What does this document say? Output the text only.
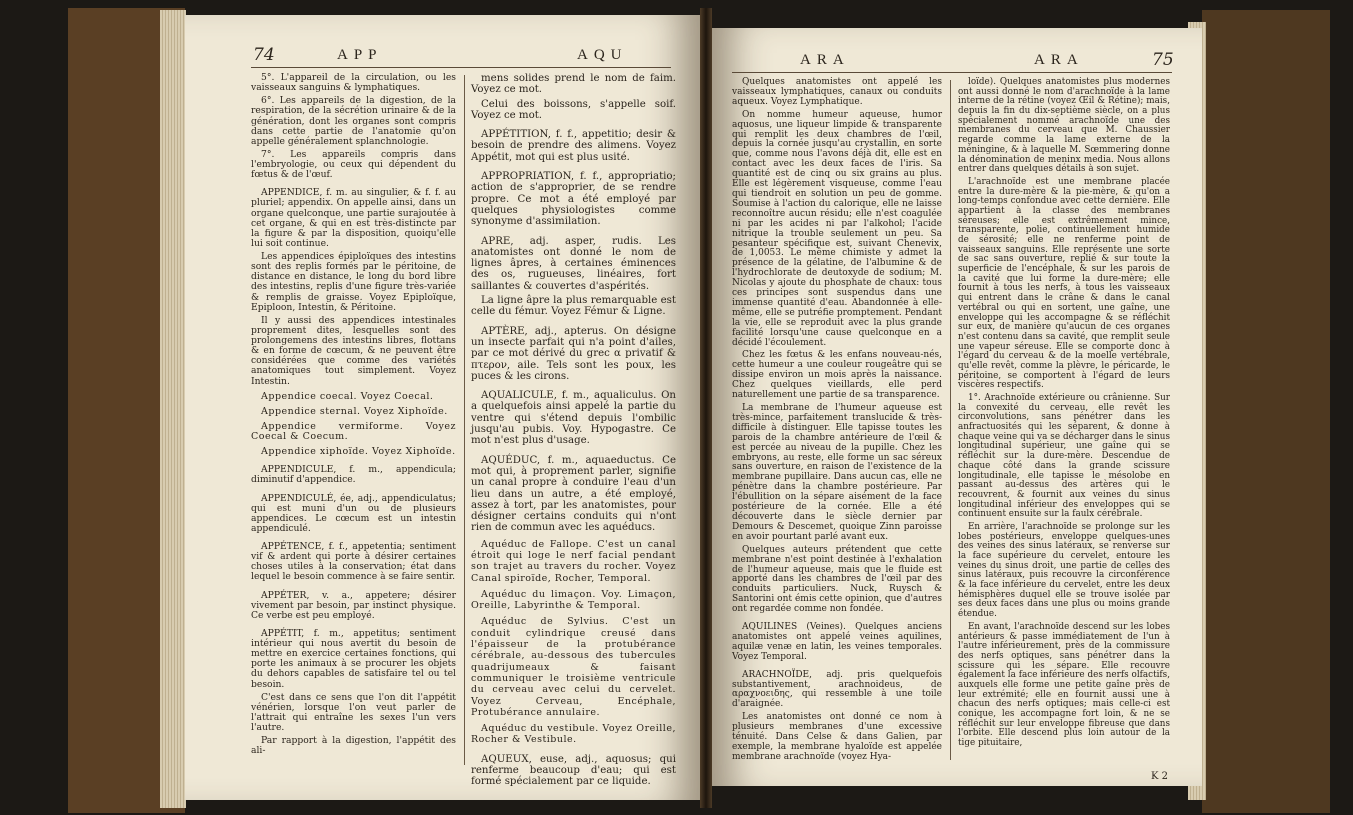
74	APP	AQU

5°. L'appareil de la circulation, ou les vaisseaux sanguins & lymphatiques.

6°. Les appareils de la digestion, de la respiration, de la sécrétion urinaire & de la génération, dont les organes sont compris dans cette partie de l'anatomie qu'on appelle généralement splanchnologie.

7°. Les appareils compris dans l'embryologie, ou ceux qui dépendent du fœtus & de l'œuf.

APPENDICE, f. m. au singulier, & f. f. au pluriel; appendix. On appelle ainsi, dans un organe quelconque, une partie surajoutée à cet organe, & qui en est très-distincte par la figure & par la disposition, quoiqu'elle lui soit continue.

Les appendices épiploïques des intestins sont des replis formés par le péritoine, de distance en distance, le long du bord libre des intestins, replis d'une figure très-variée & remplis de graisse. Voyez Epiploïque, Epiploon, Intestin, & Péritoine.

Il y aussi des appendices intestinales proprement dites, lesquelles sont des prolongemens des intestins libres, flottans & en forme de cœcum, & ne peuvent être considérées que comme des variétés anatomiques tout simplement. Voyez Intestin.

Appendice coecal. Voyez Coecal.

Appendice sternal. Voyez Xiphoïde.

Appendice vermiforme. Voyez Coecal & Coecum.

Appendice xiphoïde. Voyez Xiphoïde.

APPENDICULE, f. m., appendicula; diminutif d'appendice.

APPENDICULÉ, ée, adj., appendiculatus; qui est muni d'un ou de plusieurs appendices. Le cœcum est un intestin appendiculé.

APPÉTENCE, f. f., appetentia; sentiment vif & ardent qui porte à désirer certaines choses utiles à la conservation; état dans lequel le besoin commence à se faire sentir.

APPÉTER, v. a., appetere; désirer vivement par besoin, par instinct physique. Ce verbe est peu employé.

APPÉTIT, f. m., appetitus; sentiment intérieur qui nous avertit du besoin de mettre en exercice certaines fonctions, qui porte les animaux à se procurer les objets du dehors capables de satisfaire tel ou tel besoin.

C'est dans ce sens que l'on dit l'appétit vénérien, lorsque l'on veut parler de l'attrait qui entraîne les sexes l'un vers l'autre.

Par rapport à la digestion, l'appétit des ali-

mens solides prend le nom de faim. Voyez ce mot.

Celui des boissons, s'appelle soif. Voyez ce mot.

APPÉTITION, f. f., appetitio; desir & besoin de prendre des alimens. Voyez Appétit, mot qui est plus usité.

APPROPRIATION, f. f., appropriatio; action de s'approprier, de se rendre propre. Ce mot a été employé par quelques physiologistes comme synonyme d'assimilation.

APRE, adj. asper, rudis. Les anatomistes ont donné le nom de lignes âpres, à certaines éminences des os, rugueuses, linéaires, fort saillantes & couvertes d'aspérités.

La ligne âpre la plus remarquable est celle du fémur. Voyez Fémur & Ligne.

APTÈRE, adj., apterus. On désigne un insecte parfait qui n'a point d'ailes, par ce mot dérivé du grec α privatif & πτερον, aile. Tels sont les poux, les puces & les cirons.

AQUALICULE, f. m., aqualiculus. On a quelquefois ainsi appelé la partie du ventre qui s'étend depuis l'ombilic jusqu'au pubis. Voy. Hypogastre. Ce mot n'est plus d'usage.

AQUÉDUC, f. m., aquaeductus. Ce mot qui, à proprement parler, signifie un canal propre à conduire l'eau d'un lieu dans un autre, a été employé, assez à tort, par les anatomistes, pour désigner certains conduits qui n'ont rien de commun avec les aquéducs.

Aquéduc de Fallope. C'est un canal étroit qui loge le nerf facial pendant son trajet au travers du rocher. Voyez Canal spiroïde, Rocher, Temporal.

Aquéduc du limaçon. Voy. Limaçon, Oreille, Labyrinthe & Temporal.

Aquéduc de Sylvius. C'est un conduit cylindrique creusé dans l'épaisseur de la protubérance cérébrale, au-dessous des tubercules quadrijumeaux & faisant communiquer le troisième ventricule du cerveau avec celui du cervelet. Voyez Cerveau, Encéphale, Protubérance annulaire.

Aquéduc du vestibule. Voyez Oreille, Rocher & Vestibule.

AQUEUX, euse, adj., aquosus; qui renferme beaucoup d'eau; qui est formé spécialement par ce liquide.

ARA	ARA	75

Quelques anatomistes ont appelé les vaisseaux lymphatiques, canaux ou conduits aqueux. Voyez Lymphatique.

On nomme humeur aqueuse, humor aquosus, une liqueur limpide & transparente qui remplit les deux chambres de l'œil, depuis la cornée jusqu'au crystallin, en sorte que, comme nous l'avons déjà dit, elle est en contact avec les deux faces de l'iris. Sa quantité est de cinq ou six grains au plus. Elle est légèrement visqueuse, comme l'eau qui tiendroit en solution un peu de gomme. Soumise à l'action du calorique, elle ne laisse reconnoître aucun résidu; elle n'est coagulée ni par les acides ni par l'alkohol; l'acide nitrique la trouble seulement un peu. Sa pesanteur spécifique est, suivant Chenevix, de 1,0053. Le même chimiste y admet la présence de la gélatine, de l'albumine & de l'hydrochlorate de deutoxyde de sodium; M. Nicolas y ajoute du phosphate de chaux: tous ces principes sont suspendus dans une immense quantité d'eau. Abandonnée à elle-même, elle se putréfie promptement. Pendant la vie, elle se reproduit avec la plus grande facilité lorsqu'une cause quelconque en a décidé l'écoulement.

Chez les fœtus & les enfans nouveau-nés, cette humeur a une couleur rougeâtre qui se dissipe environ un mois après la naissance. Chez quelques vieillards, elle perd naturellement une partie de sa transparence.

La membrane de l'humeur aqueuse est très-mince, parfaitement translucide & très-difficile à distinguer. Elle tapisse toutes les parois de la chambre antérieure de l'œil & est percée au niveau de la pupille. Chez les embryons, au reste, elle forme un sac séreux sans ouverture, en raison de l'existence de la membrane pupillaire. Dans aucun cas, elle ne pénètre dans la chambre postérieure. Par l'ébullition on la sépare aisément de la face postérieure de la cornée. Elle a été découverte dans le siècle dernier par Demours & Descemet, quoique Zinn paroisse en avoir pourtant parlé avant eux.

Quelques auteurs prétendent que cette membrane n'est point destinée à l'exhalation de l'humeur aqueuse, mais que le fluide est apporté dans les chambres de l'œil par des conduits particuliers. Nuck, Ruysch & Santorini ont émis cette opinion, que d'autres ont regardée comme non fondée.

AQUILINES (Veines). Quelques anciens anatomistes ont appelé veines aquilines, aquilæ venæ en latin, les veines temporales. Voyez Temporal.

ARACHNOÏDE, adj. pris quelquefois substantivement, arachnoideus, de αραχνοειδης, qui ressemble à une toile d'araignée.

Les anatomistes ont donné ce nom à plusieurs membranes d'une excessive ténuité. Dans Celse & dans Galien, par exemple, la membrane hyaloïde est appelée membrane arachnoïde (voyez Hya-

loïde). Quelques anatomistes plus modernes ont aussi donné le nom d'arachnoïde à la lame interne de la rétine (voyez Œil & Rétine); mais, depuis la fin du dix-septième siècle, on a plus spécialement nommé arachnoïde une des membranes du cerveau que M. Chaussier regarde comme la lame externe de la méningine, & à laquelle M. Sœmmering donne la dénomination de meninx media. Nous allons entrer dans quelques détails à son sujet.

L'arachnoïde est une membrane placée entre la dure-mère & la pie-mère, & qu'on a long-temps confondue avec cette dernière. Elle appartient à la classe des membranes séreuses; elle est extrêmement mince, transparente, polie, continuellement humide de sérosité; elle ne renferme point de vaisseaux sanguins. Elle représente une sorte de sac sans ouverture, replié & sur toute la superficie de l'encéphale, & sur les parois de la cavité que lui forme la dure-mère; elle fournit à tous les nerfs, à tous les vaisseaux qui entrent dans le crâne & dans le canal vertébral ou qui en sortent, une gaîne, une enveloppe qui les accompagne & se réfléchit sur eux, de manière qu'aucun de ces organes n'est contenu dans sa cavité, que remplit seule une vapeur séreuse. Elle se comporte donc à l'égard du cerveau & de la moelle vertébrale, qu'elle revêt, comme la plèvre, le péricarde, le péritoine, se comportent à l'égard de leurs viscères respectifs.

1°. Arachnoïde extérieure ou crânienne. Sur la convexité du cerveau, elle revêt les circonvolutions, sans pénétrer dans les anfractuosités qui les séparent, & donne à chaque veine qui va se décharger dans le sinus longitudinal supérieur, une gaîne qui se réfléchit sur la dure-mère. Descendue de chaque côté dans la grande scissure longitudinale, elle tapisse le mésolobe en passant au-dessus des artères qui le recouvrent, & fournit aux veines du sinus longitudinal inférieur des enveloppes qui se continuent ensuite sur la faulx cérébrale.

En arrière, l'arachnoïde se prolonge sur les lobes postérieurs, enveloppe quelques-unes des veines des sinus latéraux, se renverse sur la face supérieure du cervelet, entoure les veines du sinus droit, une partie de celles des sinus latéraux, puis recouvre la circonférence & la face inférieure du cervelet, entre les deux hémisphères duquel elle se trouve isolée par ses deux faces dans une plus ou moins grande étendue.

En avant, l'arachnoïde descend sur les lobes antérieurs & passe immédiatement de l'un à l'autre inférieurement, près de la commissure des nerfs optiques, sans pénétrer dans la scissure qui les sépare. Elle recouvre également la face inférieure des nerfs olfactifs, auxquels elle forme une petite gaîne près de leur extrémité; elle en fournit aussi une à chacun des nerfs optiques; mais celle-ci est conique, les accompagne fort loin, & ne se réfléchit sur leur enveloppe fibreuse que dans l'orbite. Elle descend plus loin autour de la tige pituitaire,

K 2
